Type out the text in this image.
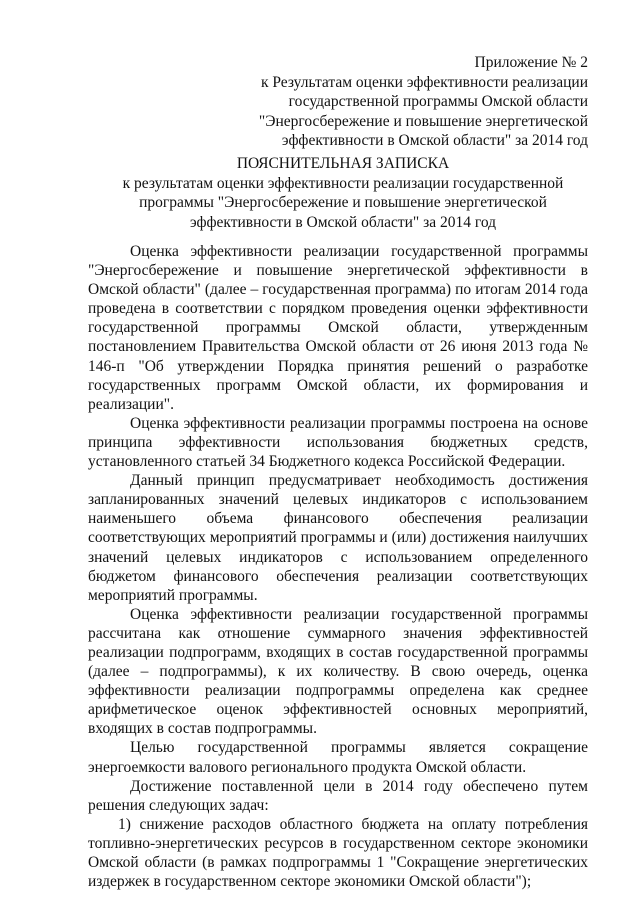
Приложение № 2
к Результатам оценки эффективности реализации
государственной программы Омской области
"Энергосбережение и повышение энергетической
эффективности в Омской области" за 2014 год
ПОЯСНИТЕЛЬНАЯ ЗАПИСКА
к результатам оценки эффективности реализации государственной
программы "Энергосбережение и повышение энергетической
эффективности в Омской области" за 2014 год

Оценка эффективности реализации государственной программы "Энергосбережение и повышение энергетической эффективности в Омской области" (далее – государственная программа) по итогам 2014 года проведена в соответствии с порядком проведения оценки эффективности государственной программы Омской области, утвержденным постановлением Правительства Омской области от 26 июня 2013 года № 146-п "Об утверждении Порядка принятия решений о разработке государственных программ Омской области, их формирования и реализации".

Оценка эффективности реализации программы построена на основе принципа эффективности использования бюджетных средств, установленного статьей 34 Бюджетного кодекса Российской Федерации.

Данный принцип предусматривает необходимость достижения запланированных значений целевых индикаторов с использованием наименьшего объема финансового обеспечения реализации соответствующих мероприятий программы и (или) достижения наилучших значений целевых индикаторов с использованием определенного бюджетом финансового обеспечения реализации соответствующих мероприятий программы.

Оценка эффективности реализации государственной программы рассчитана как отношение суммарного значения эффективностей реализации подпрограмм, входящих в состав государственной программы (далее – подпрограммы), к их количеству. В свою очередь, оценка эффективности реализации подпрограммы определена как среднее арифметическое оценок эффективностей основных мероприятий, входящих в состав подпрограммы.

Целью государственной программы является сокращение энергоемкости валового регионального продукта Омской области.

Достижение поставленной цели в 2014 году обеспечено путем решения следующих задач:

1) снижение расходов областного бюджета на оплату потребления топливно-энергетических ресурсов в государственном секторе экономики Омской области (в рамках подпрограммы 1 "Сокращение энергетических издержек в государственном секторе экономики Омской области");
